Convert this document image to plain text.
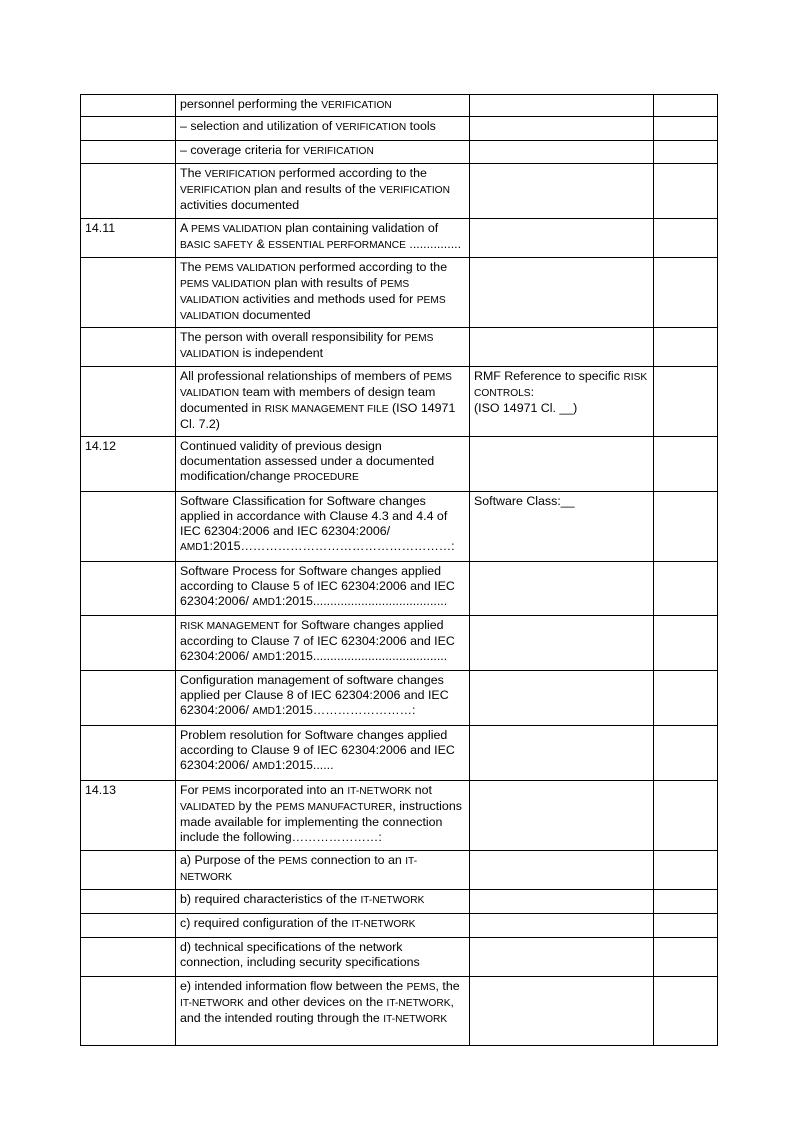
	personnel performing the VERIFICATION		
	– selection and utilization of VERIFICATION tools		
	– coverage criteria for VERIFICATION		
	The VERIFICATION performed according to the VERIFICATION plan and results of the VERIFICATION activities documented		
14.11	A PEMS VALIDATION plan containing validation of BASIC SAFETY & ESSENTIAL PERFORMANCE ...............		
	The PEMS VALIDATION performed according to the PEMS VALIDATION plan with results of PEMS VALIDATION activities and methods used for PEMS VALIDATION documented		
	The person with overall responsibility for PEMS VALIDATION is independent		
	All professional relationships of members of PEMS VALIDATION team with members of design team documented in RISK MANAGEMENT FILE (ISO 14971 Cl. 7.2)	RMF Reference to specific RISK CONTROLS:
(ISO 14971 Cl. __)	
14.12	Continued validity of previous design documentation assessed under a documented modification/change PROCEDURE		
	Software Classification for Software changes applied in accordance with Clause 4.3 and 4.4 of IEC 62304:2006 and IEC 62304:2006/ AMD1:2015……………………………………………:	Software Class:__	
	Software Process for Software changes applied according to Clause 5 of IEC 62304:2006 and IEC 62304:2006/ AMD1:2015.......................................		
	RISK MANAGEMENT for Software changes applied according to Clause 7 of IEC 62304:2006 and IEC 62304:2006/ AMD1:2015.......................................		
	Configuration management of software changes applied per Clause 8 of IEC 62304:2006 and IEC 62304:2006/ AMD1:2015……………………:		
	Problem resolution for Software changes applied according to Clause 9 of IEC 62304:2006 and IEC 62304:2006/ AMD1:2015......		
14.13	For PEMS incorporated into an IT-NETWORK not VALIDATED by the PEMS MANUFACTURER, instructions made available for implementing the connection include the following…………………:		
	a) Purpose of the PEMS connection to an IT-NETWORK		
	b) required characteristics of the IT-NETWORK		
	c) required configuration of the IT-NETWORK		
	d) technical specifications of the network connection, including security specifications		
	e) intended information flow between the PEMS, the IT-NETWORK and other devices on the IT-NETWORK, and the intended routing through the IT-NETWORK		
